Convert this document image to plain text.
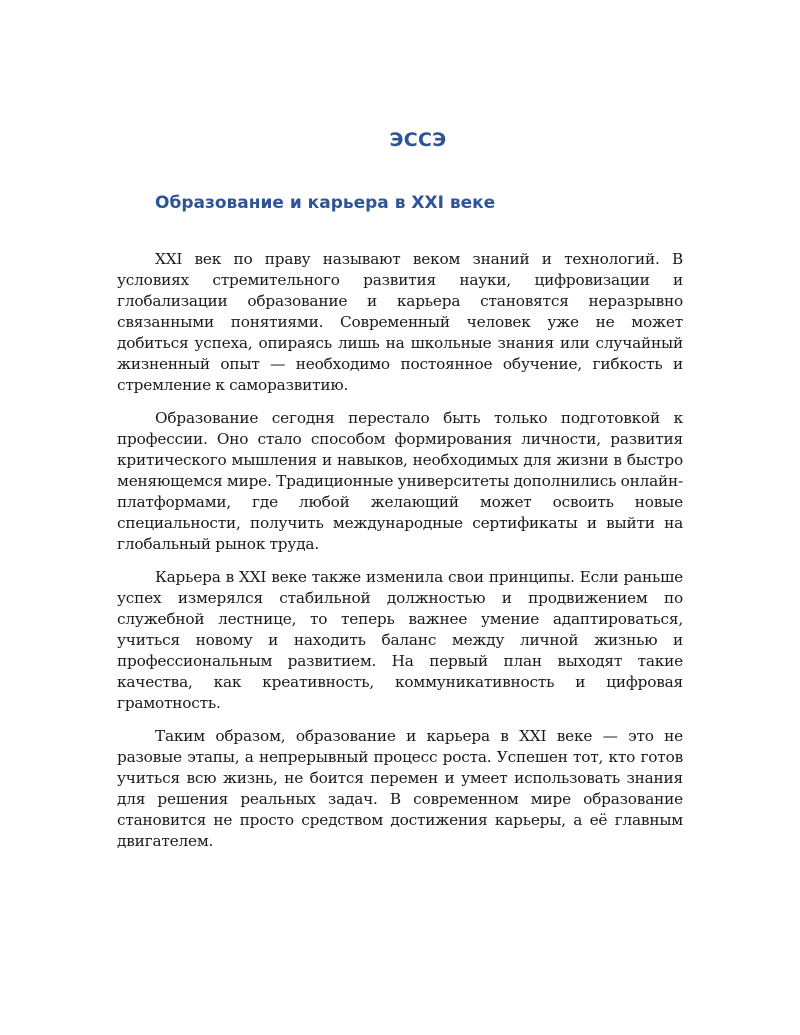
ЭССЭ
Образование и карьера в XXI веке

XXI век по праву называют веком знаний и технологий. В условиях стремительного развития науки, цифровизации и глобализации образование и карьера становятся неразрывно связанными понятиями. Современный человек уже не может добиться успеха, опираясь лишь на школьные знания или случайный жизненный опыт — необходимо постоянное обучение, гибкость и стремление к саморазвитию.

Образование сегодня перестало быть только подготовкой к профессии. Оно стало способом формирования личности, развития критического мышления и навыков, необходимых для жизни в быстро меняющемся мире. Традиционные университеты дополнились онлайн-платформами, где любой желающий может освоить новые специальности, получить международные сертификаты и выйти на глобальный рынок труда.

Карьера в XXI веке также изменила свои принципы. Если раньше успех измерялся стабильной должностью и продвижением по служебной лестнице, то теперь важнее умение адаптироваться, учиться новому и находить баланс между личной жизнью и профессиональным развитием. На первый план выходят такие качества, как креативность, коммуникативность и цифровая грамотность.

Таким образом, образование и карьера в XXI веке — это не разовые этапы, а непрерывный процесс роста. Успешен тот, кто готов учиться всю жизнь, не боится перемен и умеет использовать знания для решения реальных задач. В современном мире образование становится не просто средством достижения карьеры, а её главным двигателем.
